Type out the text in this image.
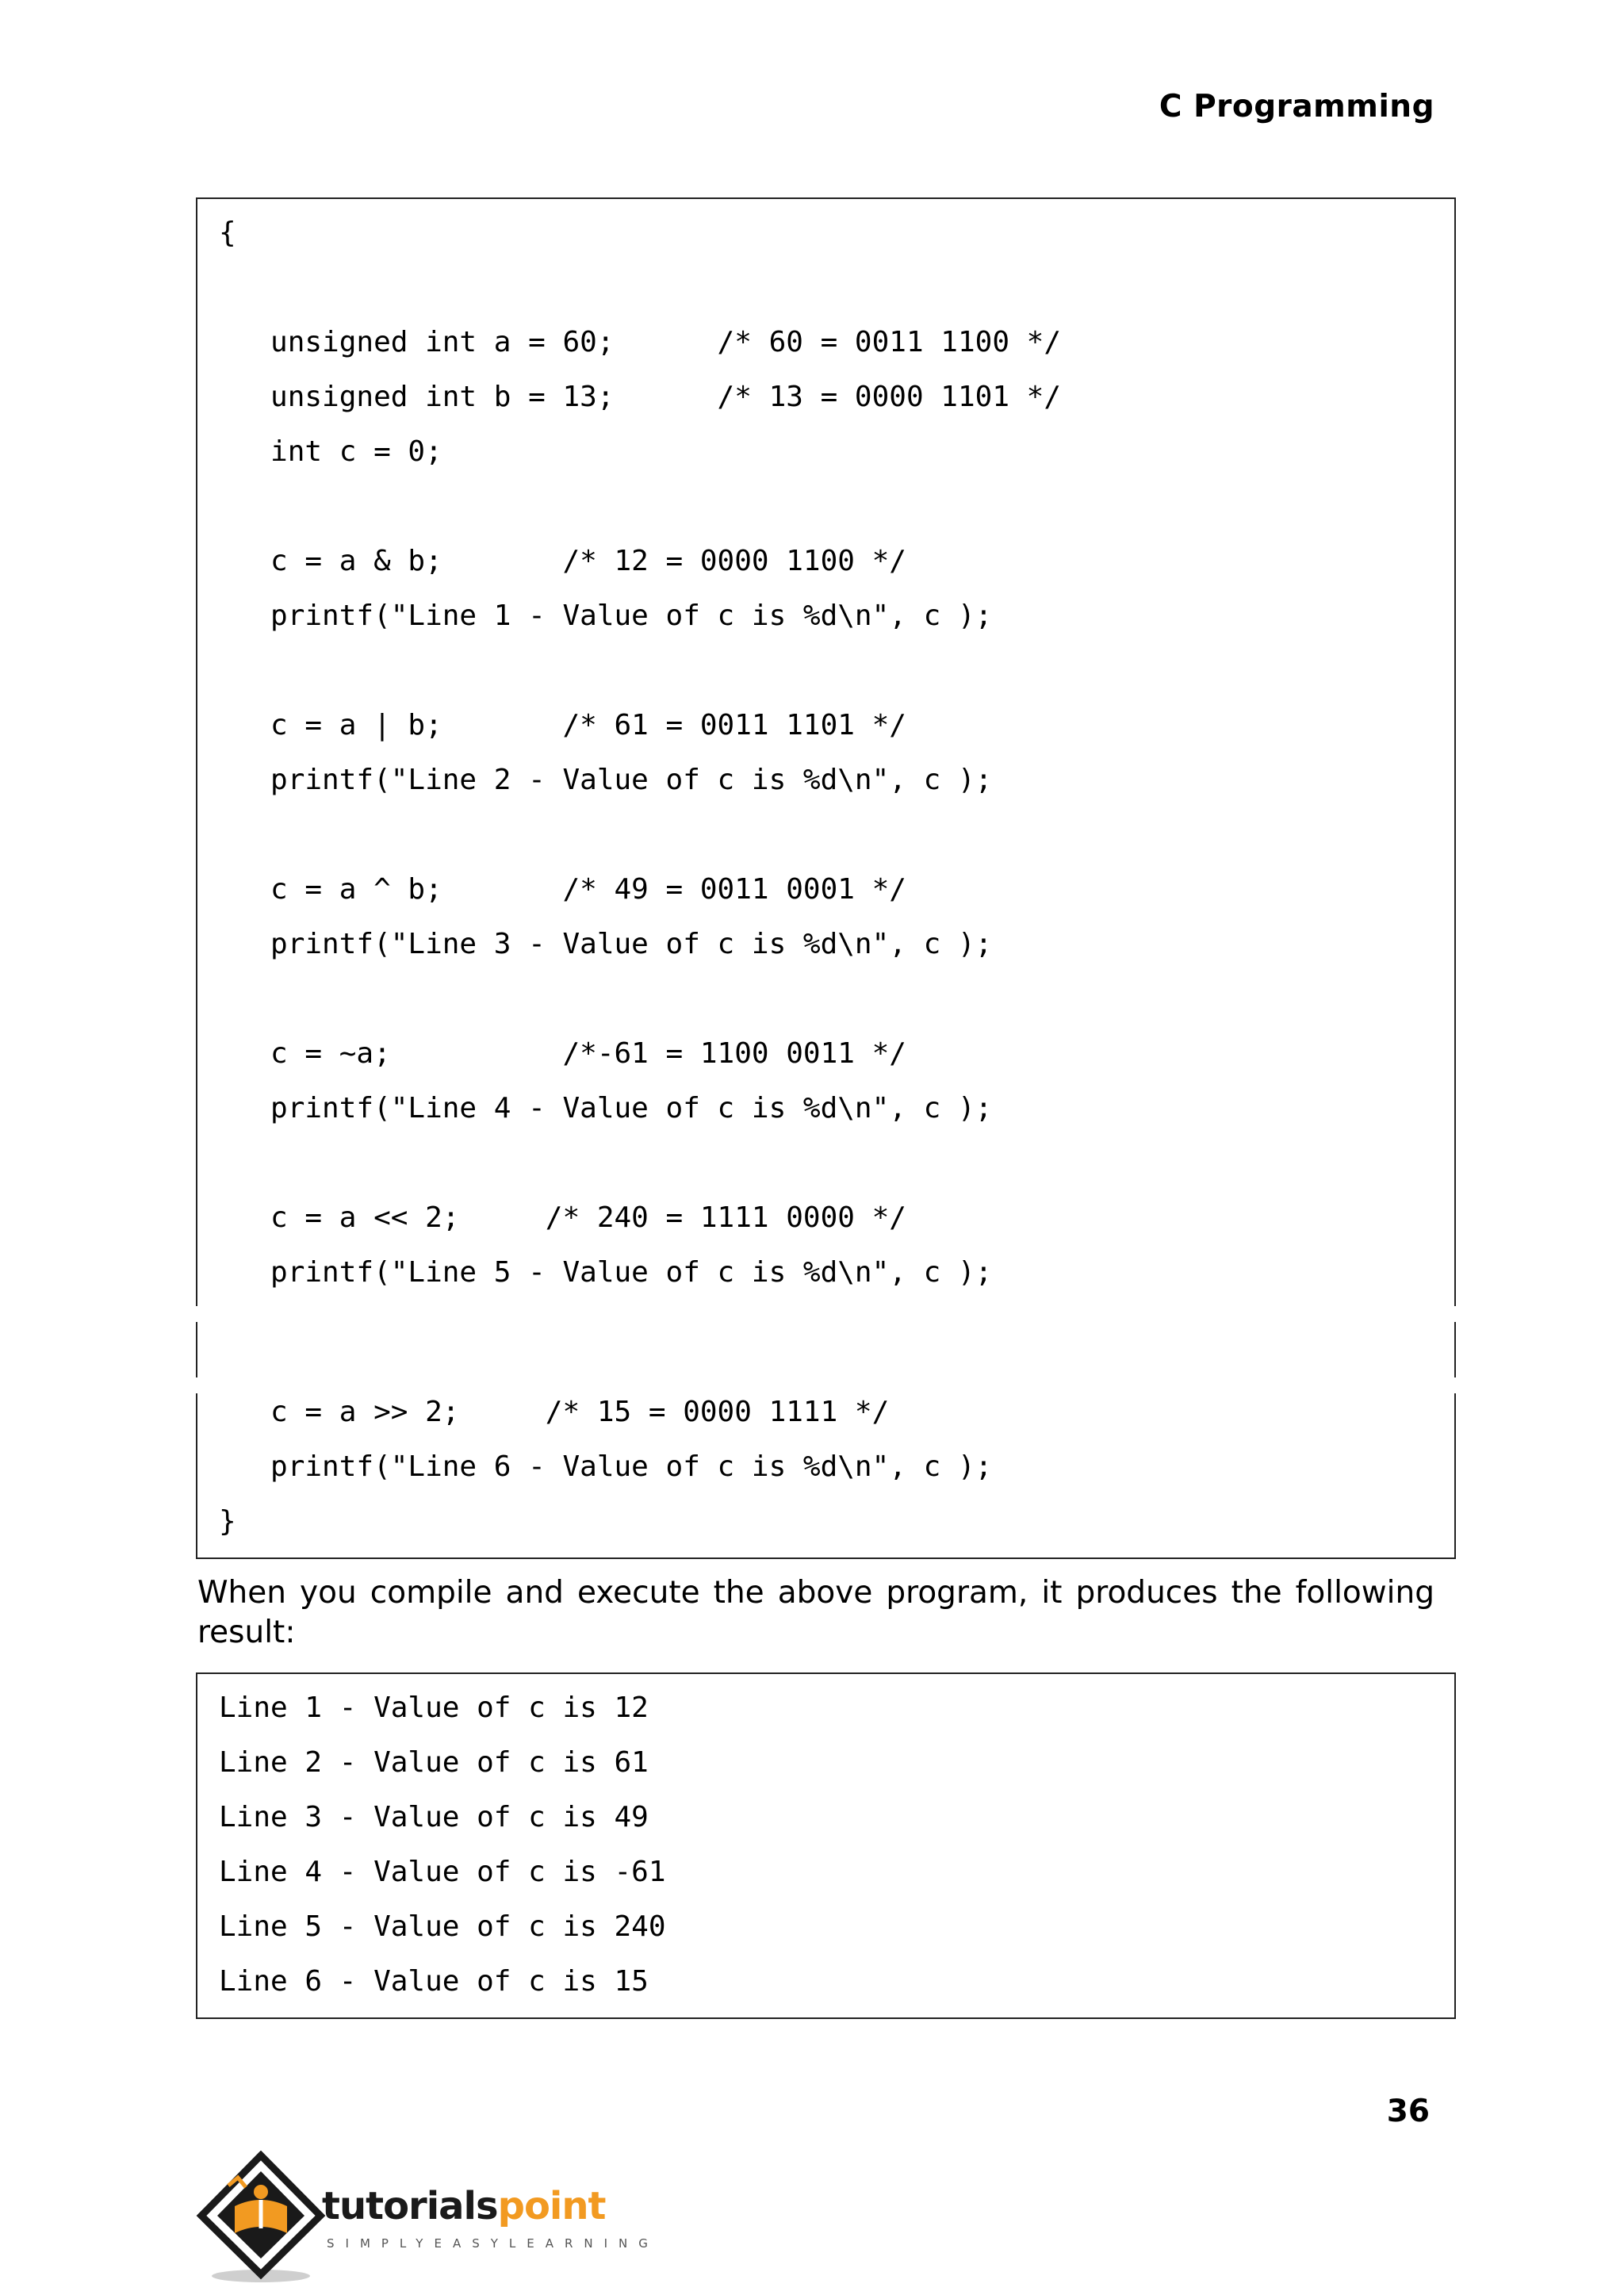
C Programming
{
unsigned int a = 60;      /* 60 = 0011 1100 */
unsigned int b = 13;      /* 13 = 0000 1101 */
int c = 0;
c = a & b;       /* 12 = 0000 1100 */
printf("Line 1 - Value of c is %d\n", c );
c = a | b;       /* 61 = 0011 1101 */
printf("Line 2 - Value of c is %d\n", c );
c = a ^ b;       /* 49 = 0011 0001 */
printf("Line 3 - Value of c is %d\n", c );
c = ~a;          /*-61 = 1100 0011 */
printf("Line 4 - Value of c is %d\n", c );
c = a << 2;     /* 240 = 1111 0000 */
printf("Line 5 - Value of c is %d\n", c );
c = a >> 2;     /* 15 = 0000 1111 */
printf("Line 6 - Value of c is %d\n", c );
}

When you compile and execute the above program, it produces the following result:

Line 1 - Value of c is 12
Line 2 - Value of c is 61
Line 3 - Value of c is 49
Line 4 - Value of c is -61
Line 5 - Value of c is 240
Line 6 - Value of c is 15
36
tutorialspoint
SIMPLYEASYLEARNING
